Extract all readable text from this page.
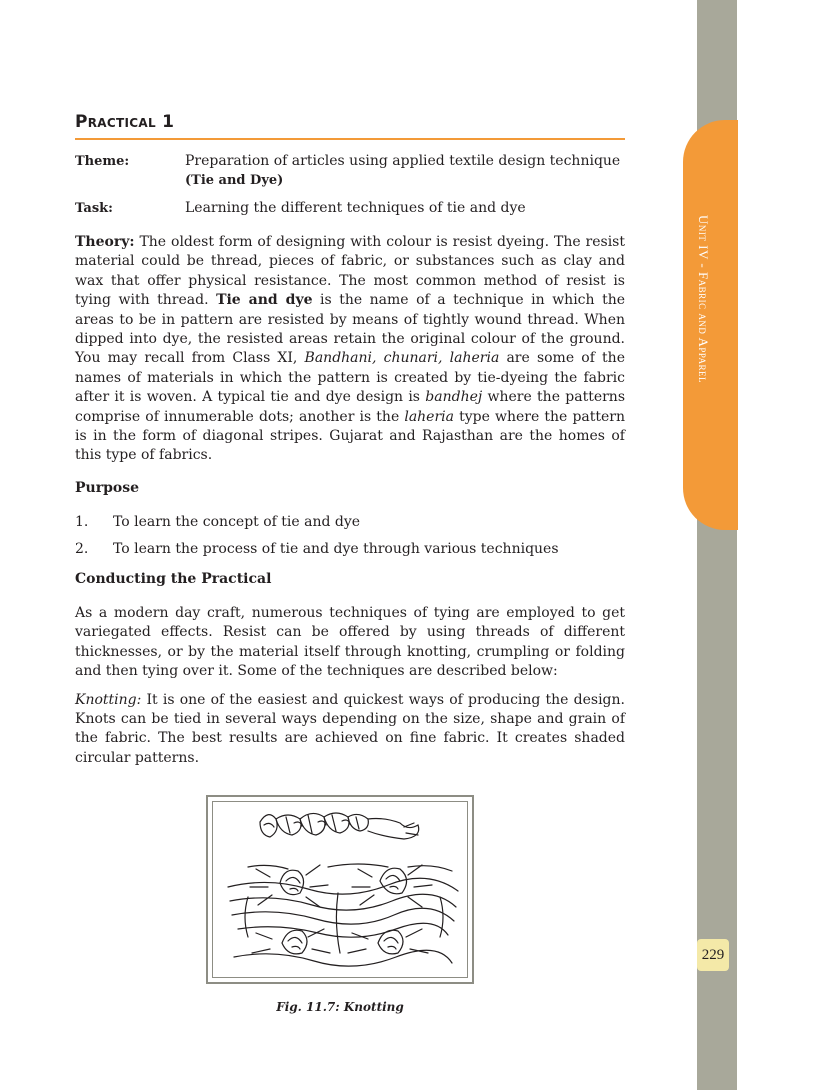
Unit IV - Fabric and Apparel
229
Practical 1
Theme:	Preparation of articles using applied textile design technique
(Tie and Dye)
Task:	Learning the different techniques of tie and dye

Theory: The oldest form of designing with colour is resist dyeing. The resist material could be thread, pieces of fabric, or substances such as clay and wax that offer physical resistance. The most common method of resist is tying with thread. Tie and dye is the name of a technique in which the areas to be in pattern are resisted by means of tightly wound thread. When dipped into dye, the resisted areas retain the original colour of the ground. You may recall from Class XI, Bandhani, chunari, laheria are some of the names of materials in which the pattern is created by tie-dyeing the fabric after it is woven. A typical tie and dye design is bandhej where the patterns comprise of innumerable dots; another is the laheria type where the pattern is in the form of diagonal stripes. Gujarat and Rajasthan are the homes of this type of fabrics.

Purpose
1.	To learn the concept of tie and dye
2.	To learn the process of tie and dye through various techniques
Conducting the Practical

As a modern day craft, numerous techniques of tying are employed to get variegated effects. Resist can be offered by using threads of different thicknesses, or by the material itself through knotting, crumpling or folding and then tying over it. Some of the techniques are described below:

Knotting: It is one of the easiest and quickest ways of producing the design. Knots can be tied in several ways depending on the size, shape and grain of the fabric. The best results are achieved on fine fabric. It creates shaded circular patterns.

Fig. 11.7: Knotting
